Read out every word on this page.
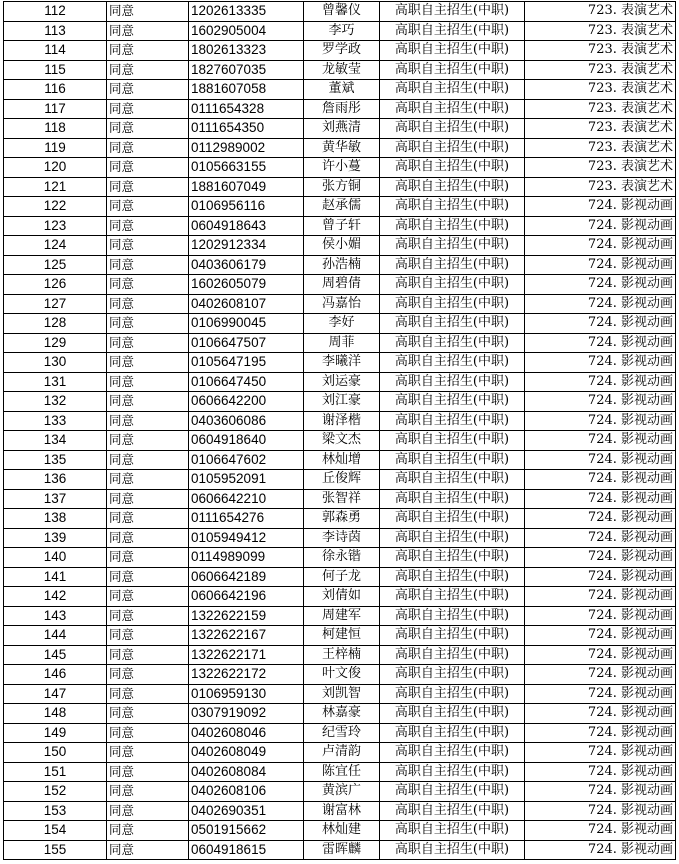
112	同意	1202613335	曾馨仪	高职自主招生(中职)	723. 表演艺术
113	同意	1602905004	李巧	高职自主招生(中职)	723. 表演艺术
114	同意	1802613323	罗学政	高职自主招生(中职)	723. 表演艺术
115	同意	1827607035	龙敏莹	高职自主招生(中职)	723. 表演艺术
116	同意	1881607058	董斌	高职自主招生(中职)	723. 表演艺术
117	同意	0111654328	詹雨彤	高职自主招生(中职)	723. 表演艺术
118	同意	0111654350	刘燕清	高职自主招生(中职)	723. 表演艺术
119	同意	0112989002	黄华敏	高职自主招生(中职)	723. 表演艺术
120	同意	0105663155	许小蔓	高职自主招生(中职)	723. 表演艺术
121	同意	1881607049	张方铜	高职自主招生(中职)	723. 表演艺术
122	同意	0106956116	赵承儒	高职自主招生(中职)	724. 影视动画
123	同意	0604918643	曾子轩	高职自主招生(中职)	724. 影视动画
124	同意	1202912334	侯小媚	高职自主招生(中职)	724. 影视动画
125	同意	0403606179	孙浩楠	高职自主招生(中职)	724. 影视动画
126	同意	1602605079	周碧倩	高职自主招生(中职)	724. 影视动画
127	同意	0402608107	冯嘉怡	高职自主招生(中职)	724. 影视动画
128	同意	0106990045	李好	高职自主招生(中职)	724. 影视动画
129	同意	0106647507	周菲	高职自主招生(中职)	724. 影视动画
130	同意	0105647195	李曦洋	高职自主招生(中职)	724. 影视动画
131	同意	0106647450	刘运豪	高职自主招生(中职)	724. 影视动画
132	同意	0606642200	刘江豪	高职自主招生(中职)	724. 影视动画
133	同意	0403606086	谢泽楷	高职自主招生(中职)	724. 影视动画
134	同意	0604918640	梁文杰	高职自主招生(中职)	724. 影视动画
135	同意	0106647602	林灿增	高职自主招生(中职)	724. 影视动画
136	同意	0105952091	丘俊辉	高职自主招生(中职)	724. 影视动画
137	同意	0606642210	张智祥	高职自主招生(中职)	724. 影视动画
138	同意	0111654276	郭森勇	高职自主招生(中职)	724. 影视动画
139	同意	0105949412	李诗茵	高职自主招生(中职)	724. 影视动画
140	同意	0114989099	徐永锴	高职自主招生(中职)	724. 影视动画
141	同意	0606642189	何子龙	高职自主招生(中职)	724. 影视动画
142	同意	0606642196	刘倩如	高职自主招生(中职)	724. 影视动画
143	同意	1322622159	周建军	高职自主招生(中职)	724. 影视动画
144	同意	1322622167	柯建恒	高职自主招生(中职)	724. 影视动画
145	同意	1322622171	王梓楠	高职自主招生(中职)	724. 影视动画
146	同意	1322622172	叶文俊	高职自主招生(中职)	724. 影视动画
147	同意	0106959130	刘凯智	高职自主招生(中职)	724. 影视动画
148	同意	0307919092	林嘉豪	高职自主招生(中职)	724. 影视动画
149	同意	0402608046	纪雪玲	高职自主招生(中职)	724. 影视动画
150	同意	0402608049	卢清韵	高职自主招生(中职)	724. 影视动画
151	同意	0402608084	陈宜任	高职自主招生(中职)	724. 影视动画
152	同意	0402608106	黄滨广	高职自主招生(中职)	724. 影视动画
153	同意	0402690351	谢富林	高职自主招生(中职)	724. 影视动画
154	同意	0501915662	林灿建	高职自主招生(中职)	724. 影视动画
155	同意	0604918615	雷晖麟	高职自主招生(中职)	724. 影视动画
